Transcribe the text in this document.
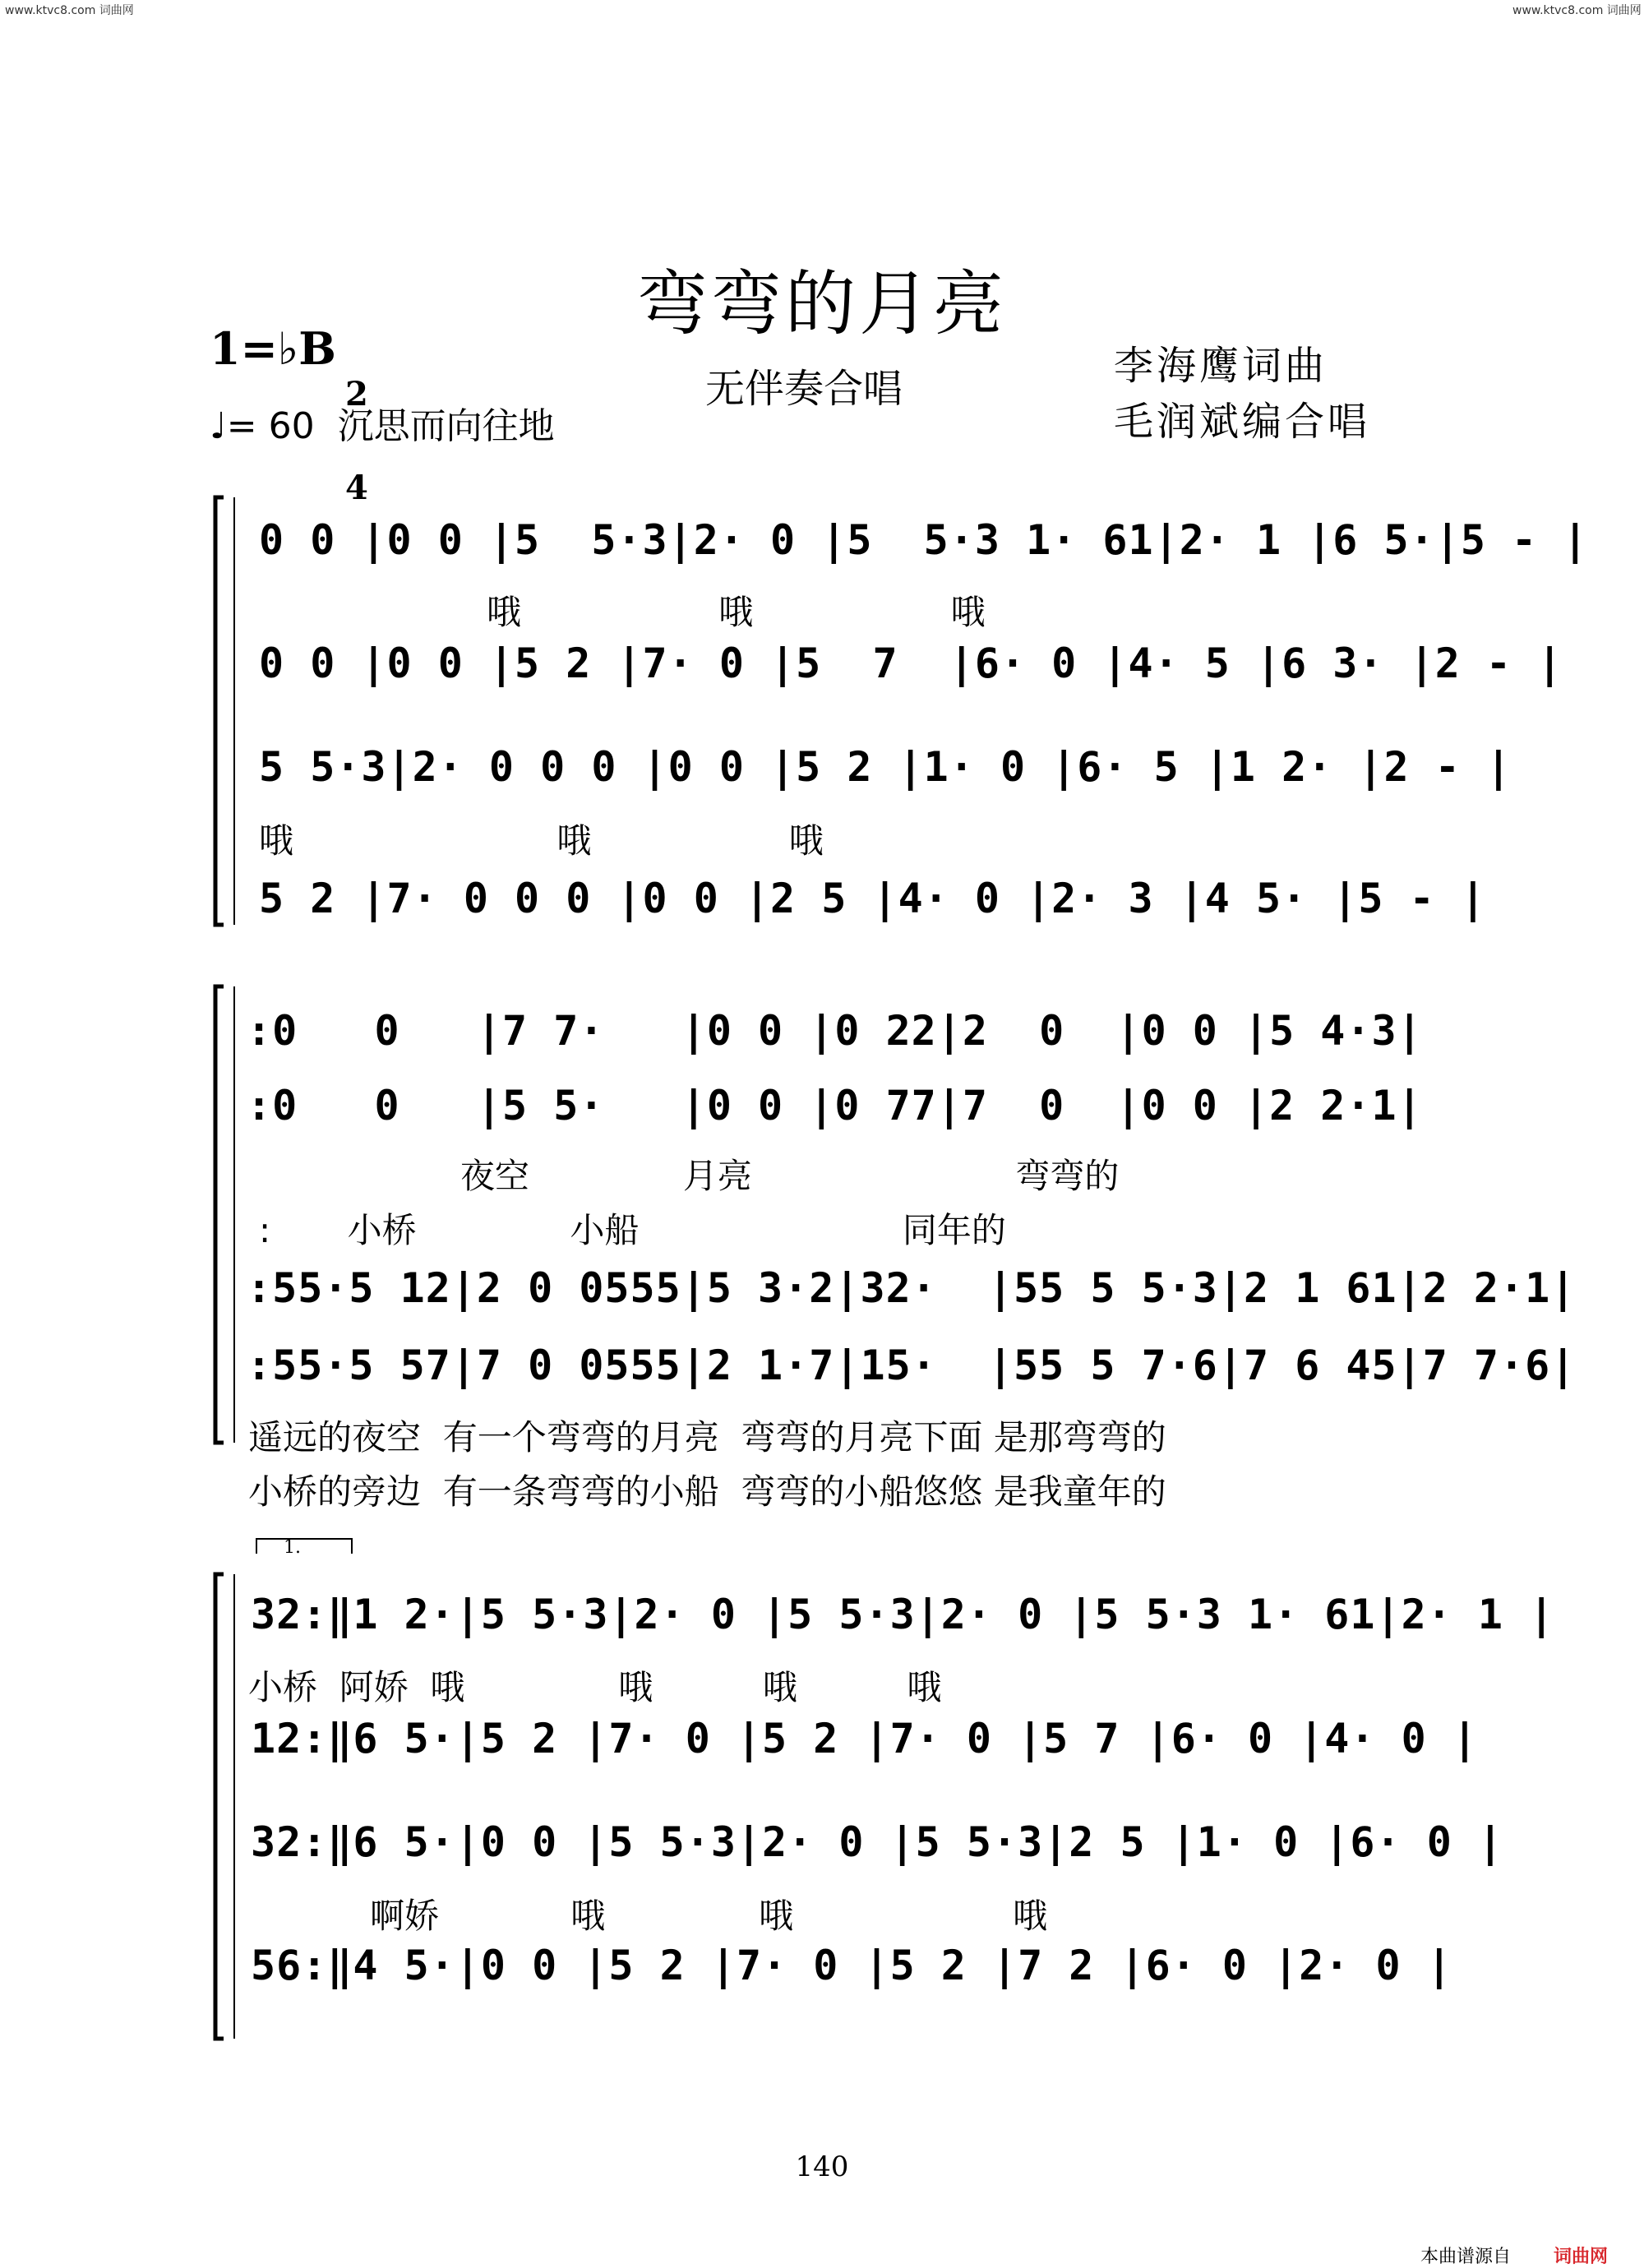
www.ktvc8.com 词曲网	www.ktvc8.com 词曲网
弯弯的月亮
1=♭B

2

4

♩= 60  沉思而向往地
无伴奏合唱	李海鹰词曲
毛润斌编合唱
0 0 |0 0 |5  5·3|2· 0 |5  5·3 1· 61|2· 1 |6 5·|5 - |
哦                  哦                  哦
0 0 |0 0 |5 2 |7· 0 |5  7  |6· 0 |4· 5 |6 3· |2 - |
5 5·3|2· 0 0 0 |0 0 |5 2 |1· 0 |6· 5 |1 2· |2 - |
哦                        哦                  哦
5 2 |7· 0 0 0 |0 0 |2 5 |4· 0 |2· 3 |4 5· |5 - |
:0   0   |7 7·   |0 0 |0 22|2  0  |0 0 |5 4·3|
:0   0   |5 5·   |0 0 |0 77|7  0  |0 0 |2 2·1|
夜空              月亮                        弯弯的
:       小桥              小船                        同年的
:55·5 12|2 0 0555|5 3·2|32·  |55 5 5·3|2 1 61|2 2·1|
:55·5 57|7 0 0555|2 1·7|15·  |55 5 7·6|7 6 45|7 7·6|
遥远的夜空  有一个弯弯的月亮  弯弯的月亮下面 是那弯弯的
小桥的旁边  有一条弯弯的小船  弯弯的小船悠悠 是我童年的
1.
32:‖1 2·|5 5·3|2· 0 |5 5·3|2· 0 |5 5·3 1· 61|2· 1 |
小桥  阿娇  哦              哦          哦          哦
12:‖6 5·|5 2 |7· 0 |5 2 |7· 0 |5 7 |6· 0 |4· 0 |
32:‖6 5·|0 0 |5 5·3|2· 0 |5 5·3|2 5 |1· 0 |6· 0 |
啊娇            哦              哦                    哦
56:‖4 5·|0 0 |5 2 |7· 0 |5 2 |7 2 |6· 0 |2· 0 |
140
本曲谱源自 词曲网
